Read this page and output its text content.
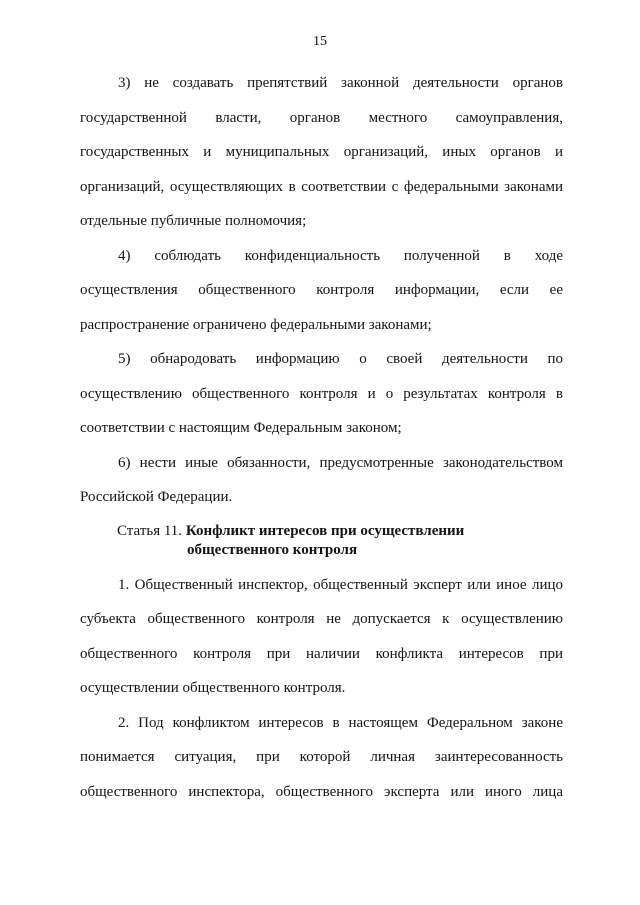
15
3) не создавать препятствий законной деятельности органов
государственной власти, органов местного самоуправления,
государственных и муниципальных организаций, иных органов и
организаций, осуществляющих в соответствии с федеральными законами
отдельные публичные полномочия;
4) соблюдать конфиденциальность полученной в ходе
осуществления общественного контроля информации, если ее
распространение ограничено федеральными законами;
5) обнародовать информацию о своей деятельности по
осуществлению общественного контроля и о результатах контроля в
соответствии с настоящим Федеральным законом;
6) нести иные обязанности, предусмотренные законодательством
Российской Федерации.
Статья 11. Конфликт интересов при осуществлении
общественного контроля
1. Общественный инспектор, общественный эксперт или иное лицо
субъекта общественного контроля не допускается к осуществлению
общественного контроля при наличии конфликта интересов при
осуществлении общественного контроля.
2. Под конфликтом интересов в настоящем Федеральном законе
понимается ситуация, при которой личная заинтересованность
общественного инспектора, общественного эксперта или иного лица
